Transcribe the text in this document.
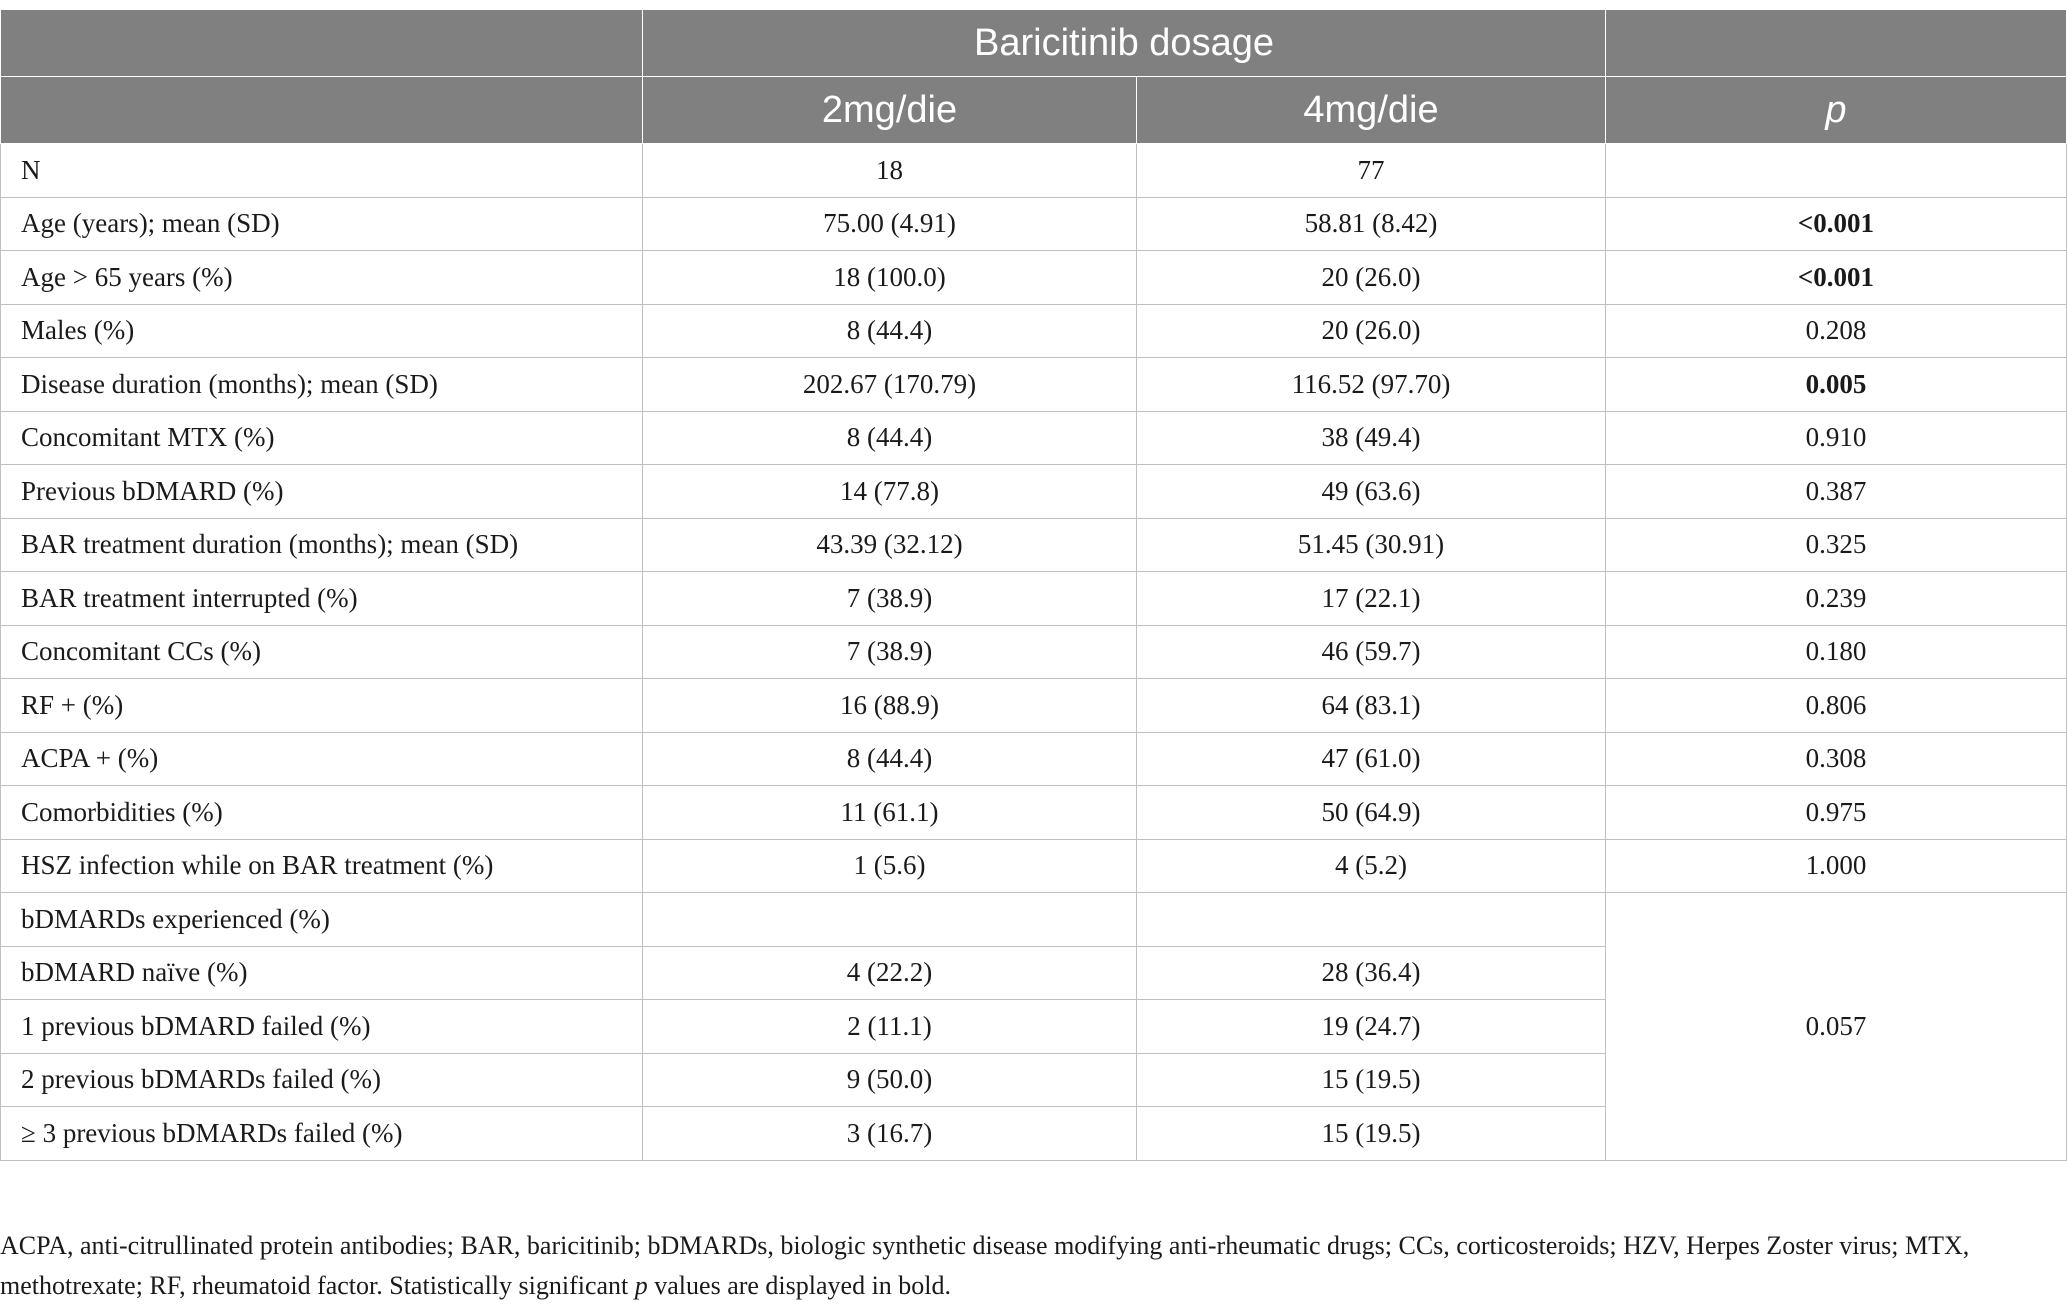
	Baricitinib dosage		
	2mg/die	4mg/die	p
N	18	77	
Age (years); mean (SD)	75.00 (4.91)	58.81 (8.42)	<0.001
Age > 65 years (%)	18 (100.0)	20 (26.0)	<0.001
Males (%)	8 (44.4)	20 (26.0)	0.208
Disease duration (months); mean (SD)	202.67 (170.79)	116.52 (97.70)	0.005
Concomitant MTX (%)	8 (44.4)	38 (49.4)	0.910
Previous bDMARD (%)	14 (77.8)	49 (63.6)	0.387
BAR treatment duration (months); mean (SD)	43.39 (32.12)	51.45 (30.91)	0.325
BAR treatment interrupted (%)	7 (38.9)	17 (22.1)	0.239
Concomitant CCs (%)	7 (38.9)	46 (59.7)	0.180
RF + (%)	16 (88.9)	64 (83.1)	0.806
ACPA + (%)	8 (44.4)	47 (61.0)	0.308
Comorbidities (%)	11 (61.1)	50 (64.9)	0.975
HSZ infection while on BAR treatment (%)	1 (5.6)	4 (5.2)	1.000
bDMARDs experienced (%)			0.057
bDMARD naïve (%)	4 (22.2)	28 (36.4)	
1 previous bDMARD failed (%)	2 (11.1)	19 (24.7)	
2 previous bDMARDs failed (%)	9 (50.0)	15 (19.5)	
≥ 3 previous bDMARDs failed (%)	3 (16.7)	15 (19.5)	
ACPA, anti-citrullinated protein antibodies; BAR, baricitinib; bDMARDs, biologic synthetic disease modifying anti-rheumatic drugs; CCs, corticosteroids; HZV, Herpes Zoster virus; MTX, methotrexate; RF, rheumatoid factor. Statistically significant p values are displayed in bold.
